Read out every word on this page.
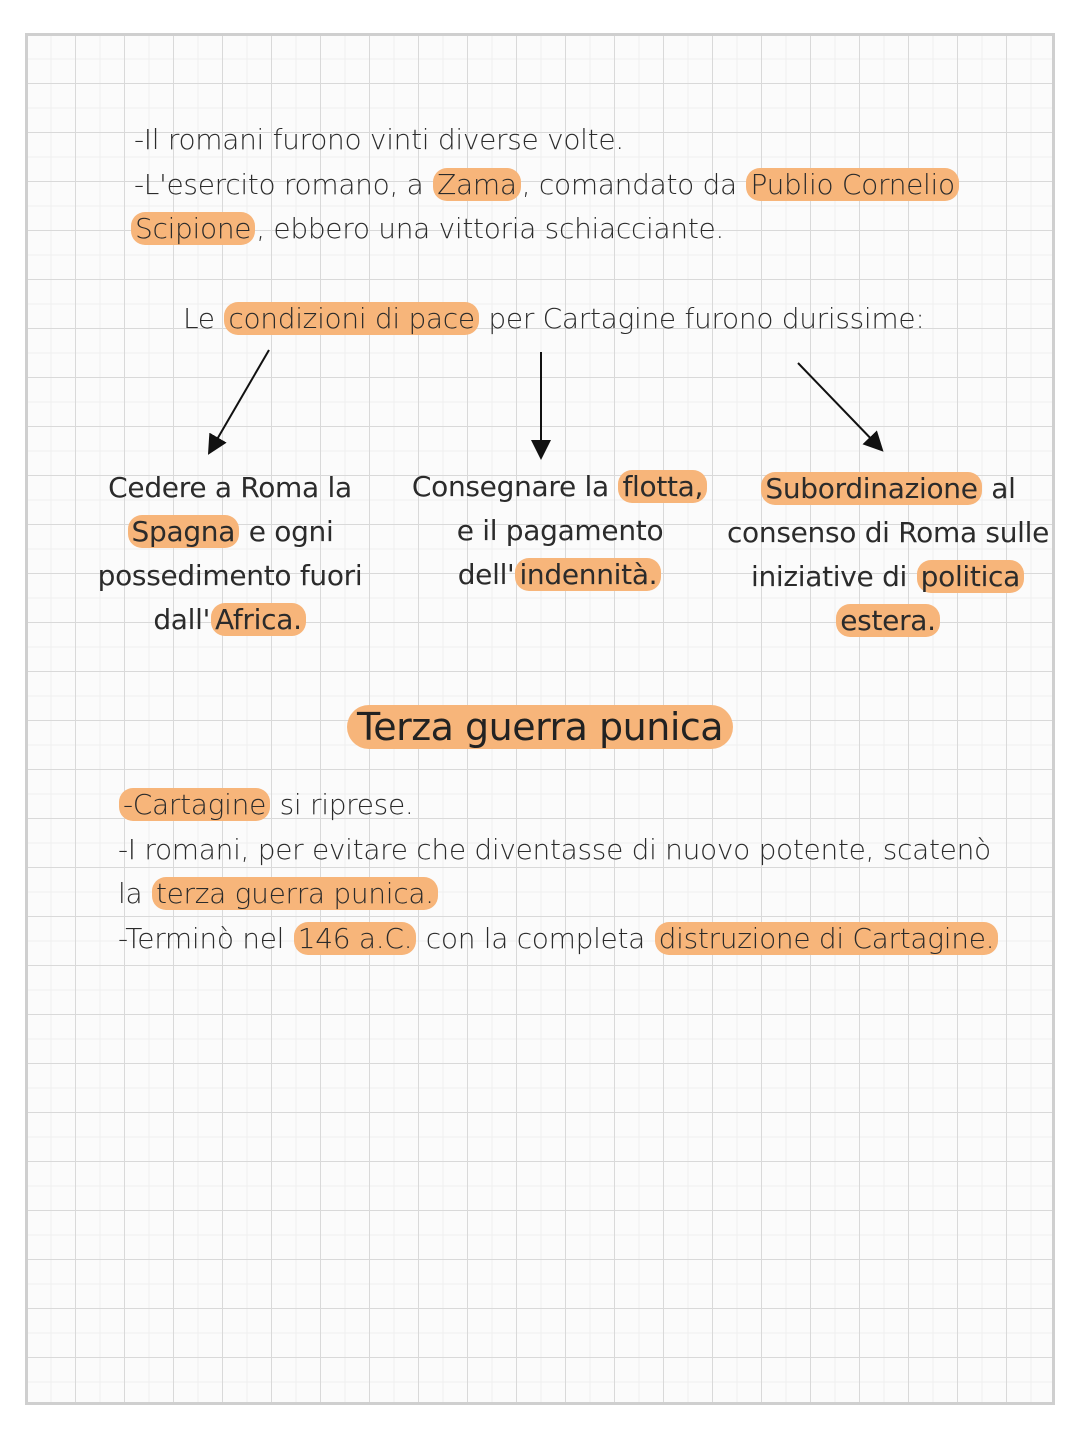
-Il romani furono vinti diverse volte.
-L'esercito romano, a Zama , comandato da Publio Cornelio
Scipione , ebbero una vittoria schiacciante.
Le condizioni di pace per Cartagine furono durissime:
Cedere a Roma la
Spagna e ogni
possedimento fuori
dall' Africa.
Consegnare la flotta,
e il pagamento
dell' indennità.
Subordinazione al
consenso di Roma sulle
iniziative di politica
estera.
Terza guerra punica
-Cartagine si riprese.
-I romani, per evitare che diventasse di nuovo potente, scatenò
la terza guerra punica.
-Terminò nel 146 a.C. con la completa distruzione di Cartagine.
